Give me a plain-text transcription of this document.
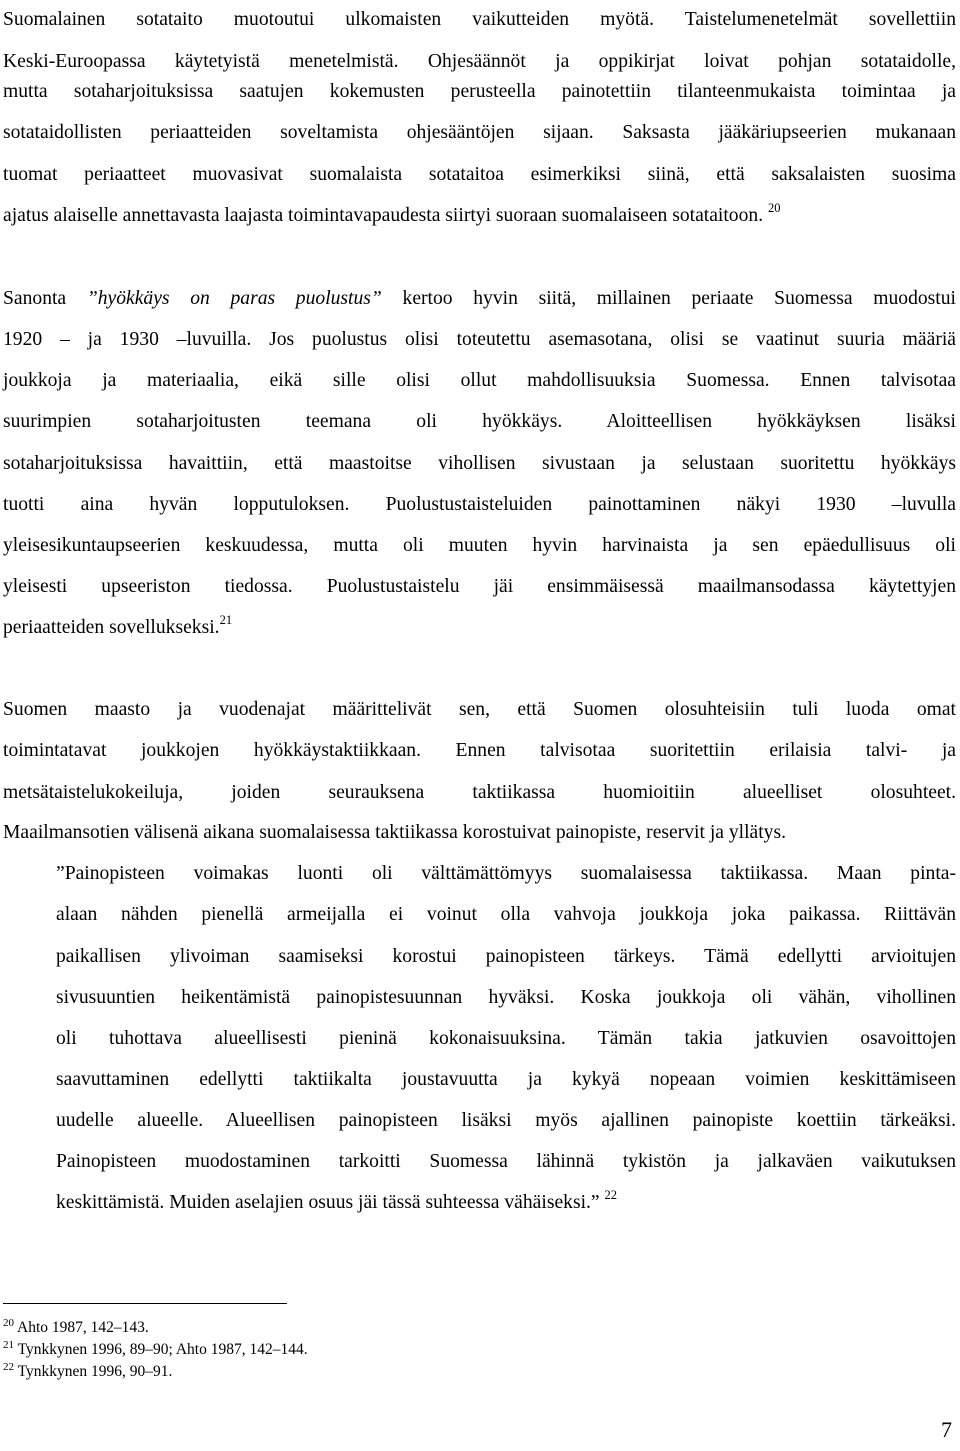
Suomalainen sotataito muotoutui ulkomaisten vaikutteiden myötä. Taistelumenetelmät sovellettiin
Keski-Euroopassa käytetyistä menetelmistä. Ohjesäännöt ja oppikirjat loivat pohjan sotataidolle,
mutta sotaharjoituksissa saatujen kokemusten perusteella painotettiin tilanteenmukaista toimintaa ja
sotataidollisten periaatteiden soveltamista ohjesääntöjen sijaan. Saksasta jääkäriupseerien mukanaan
tuomat periaatteet muovasivat suomalaista sotataitoa esimerkiksi siinä, että saksalaisten suosima
ajatus alaiselle annettavasta laajasta toimintavapaudesta siirtyi suoraan suomalaiseen sotataitoon. $^{20}$
Sanonta ”hyökkäys on paras puolustus” kertoo hyvin siitä, millainen periaate Suomessa muodostui
1920 – ja 1930 –luvuilla. Jos puolustus olisi toteutettu asemasotana, olisi se vaatinut suuria määriä
joukkoja ja materiaalia, eikä sille olisi ollut mahdollisuuksia Suomessa. Ennen talvisotaa
suurimpien sotaharjoitusten teemana oli hyökkäys. Aloitteellisen hyökkäyksen lisäksi
sotaharjoituksissa havaittiin, että maastoitse vihollisen sivustaan ja selustaan suoritettu hyökkäys
tuotti aina hyvän lopputuloksen. Puolustustaisteluiden painottaminen näkyi 1930 –luvulla
yleisesikuntaupseerien keskuudessa, mutta oli muuten hyvin harvinaista ja sen epäedullisuus oli
yleisesti upseeriston tiedossa. Puolustustaistelu jäi ensimmäisessä maailmansodassa käytettyjen
periaatteiden sovellukseksi.$^{21}$
Suomen maasto ja vuodenajat määrittelivät sen, että Suomen olosuhteisiin tuli luoda omat
toimintatavat joukkojen hyökkäystaktiikkaan. Ennen talvisotaa suoritettiin erilaisia talvi- ja
metsätaistelukokeiluja, joiden seurauksena taktiikassa huomioitiin alueelliset olosuhteet.
Maailmansotien välisenä aikana suomalaisessa taktiikassa korostuivat painopiste, reservit ja yllätys.
”Painopisteen voimakas luonti oli välttämättömyys suomalaisessa taktiikassa. Maan pinta-
alaan nähden pienellä armeijalla ei voinut olla vahvoja joukkoja joka paikassa. Riittävän
paikallisen ylivoiman saamiseksi korostui painopisteen tärkeys. Tämä edellytti arvioitujen
sivusuuntien heikentämistä painopistesuunnan hyväksi. Koska joukkoja oli vähän, vihollinen
oli tuhottava alueellisesti pieninä kokonaisuuksina. Tämän takia jatkuvien osavoittojen
saavuttaminen edellytti taktiikalta joustavuutta ja kykyä nopeaan voimien keskittämiseen
uudelle alueelle. Alueellisen painopisteen lisäksi myös ajallinen painopiste koettiin tärkeäksi.
Painopisteen muodostaminen tarkoitti Suomessa lähinnä tykistön ja jalkaväen vaikutuksen
keskittämistä. Muiden aselajien osuus jäi tässä suhteessa vähäiseksi.” $^{22}$
$^{20}$ Ahto 1987, 142–143.
$^{21}$ Tynkkynen 1996, 89–90; Ahto 1987, 142–144.
$^{22}$ Tynkkynen 1996, 90–91.
7
